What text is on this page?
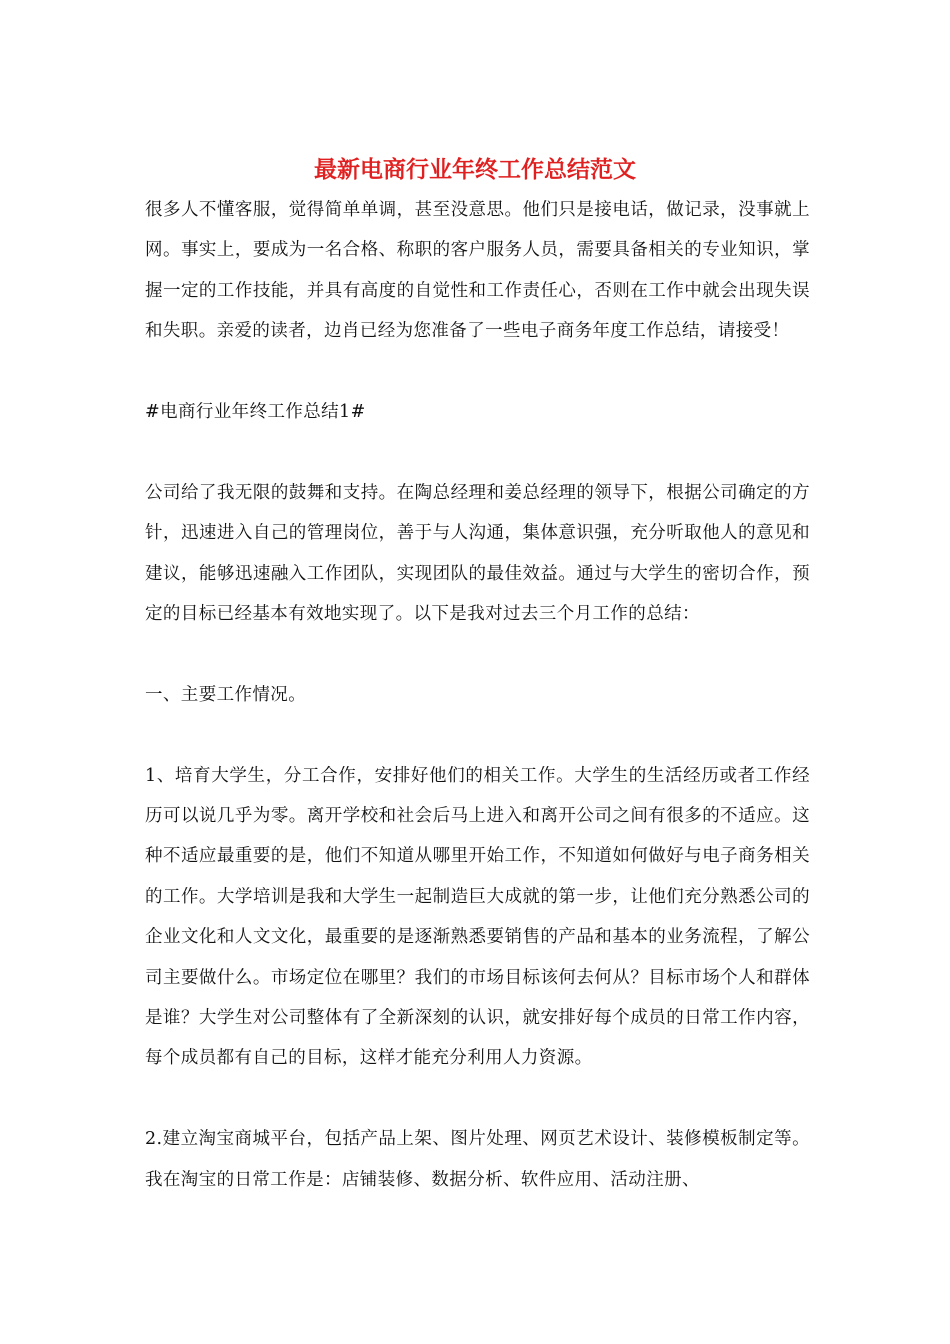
最新电商行业年终工作总结范文

很多人不懂客服，觉得简单单调，甚至没意思。他们只是接电话，做记录，没事就上网。事实上，要成为一名合格、称职的客户服务人员，需要具备相关的专业知识，掌握一定的工作技能，并具有高度的自觉性和工作责任心，否则在工作中就会出现失误和失职。亲爱的读者，边肖已经为您准备了一些电子商务年度工作总结，请接受！

#电商行业年终工作总结1#

公司给了我无限的鼓舞和支持。在陶总经理和姜总经理的领导下，根据公司确定的方针，迅速进入自己的管理岗位，善于与人沟通，集体意识强，充分听取他人的意见和建议，能够迅速融入工作团队，实现团队的最佳效益。通过与大学生的密切合作，预定的目标已经基本有效地实现了。以下是我对过去三个月工作的总结：

一、主要工作情况。

1、培育大学生，分工合作，安排好他们的相关工作。大学生的生活经历或者工作经历可以说几乎为零。离开学校和社会后马上进入和离开公司之间有很多的不适应。这种不适应最重要的是，他们不知道从哪里开始工作，不知道如何做好与电子商务相关的工作。大学培训是我和大学生一起制造巨大成就的第一步，让他们充分熟悉公司的企业文化和人文文化，最重要的是逐渐熟悉要销售的产品和基本的业务流程，了解公司主要做什么。市场定位在哪里？我们的市场目标该何去何从？目标市场个人和群体是谁？大学生对公司整体有了全新深刻的认识，就安排好每个成员的日常工作内容，每个成员都有自己的目标，这样才能充分利用人力资源。

2.建立淘宝商城平台，包括产品上架、图片处理、网页艺术设计、装修模板制定等。我在淘宝的日常工作是：店铺装修、数据分析、软件应用、活动注册、
